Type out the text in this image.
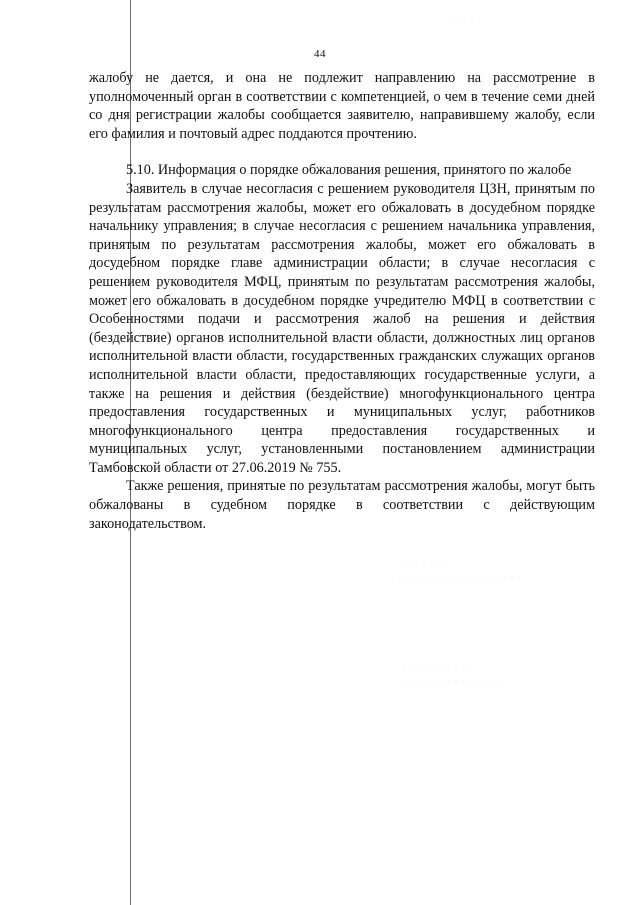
· · · · ·
44

жалобу не дается, и она не подлежит направлению на рассмотрение в уполномоченный орган в соответствии с компетенцией, о чем в течение семи дней со дня регистрации жалобы сообщается заявителю, направившему жалобу, если его фамилия и почтовый адрес поддаются прочтению.

5.10. Информация о порядке обжалования решения, принятого по жалобе

Заявитель в случае несогласия с решением руководителя ЦЗН, принятым по результатам рассмотрения жалобы, может его обжаловать в досудебном порядке начальнику управления; в случае несогласия с решением начальника управления, принятым по результатам рассмотрения жалобы, может его обжаловать в досудебном порядке главе администрации области; в случае несогласия с решением руководителя МФЦ, принятым по результатам рассмотрения жалобы, может его обжаловать в досудебном порядке учредителю МФЦ в соответствии с Особенностями подачи и рассмотрения жалоб на решения и действия (бездействие) органов исполнительной власти области, должностных лиц органов исполнительной власти области, государственных гражданских служащих органов исполнительной власти области, предоставляющих государственные услуги, а также на решения и действия (бездействие) многофункционального центра предоставления государственных и муниципальных услуг, работников многофункционального центра предоставления государственных и муниципальных услуг, установленными постановлением администрации Тамбовской области от 27.06.2019 № 755.

Также решения, принятые по результатам рассмотрения жалобы, могут быть обжалованы в судебном порядке в соответствии с действующим законодательством.

· · · · · · ·
· · · · · · · · · · · · · · · · ·
· · · · · · · · · ·
· · · · · · · · · · · · · ·
